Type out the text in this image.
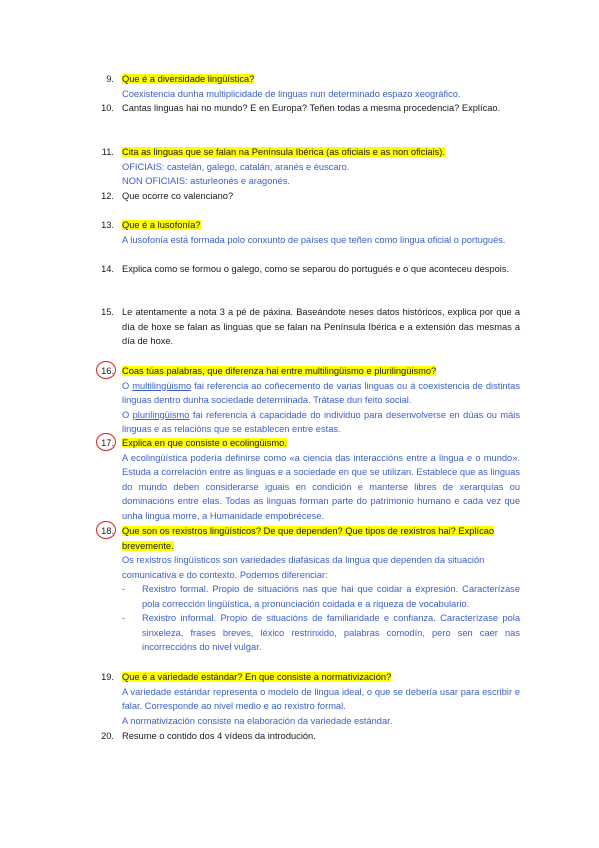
9. Que é a diversidade lingüística?

Coexistencia dunha multiplicidade de linguas nun determinado espazo xeográfico.

10. Cantas linguas hai no mundo? E en Europa? Teñen todas a mesma procedencia? Explícao.
11. Cita as linguas que se falan na Península Ibérica (as oficiais e as non oficiais).

OFICIAIS: castelán, galego, catalán, aranés e éuscaro.

NON OFICIAIS: asturleonés e aragonés.

12. Que ocorre co valenciano?
13. Que é a lusofonía?

A lusofonía está formada polo conxunto de países que teñen como lingua oficial o portugués.

14. Explica como se formou o galego, como se separou do portugués e o que aconteceu despois.
15. Le atentamente a nota 3 a pé de páxina. Baseándote neses datos históricos, explica por que a día de hoxe se falan as linguas que se falan na Península Ibérica e a extensión das mesmas a día de hoxe.
16. Coas túas palabras, que diferenza hai entre multilingüismo e plurilingüismo?

O multilingüismo fai referencia ao coñecemento de varias linguas ou á coexistencia de distintas linguas dentro dunha sociedade determinada. Trátase dun feito social.

O plurilingüismo fai referencia á capacidade do individuo para desenvolverse en dúas ou máis linguas e as relacións que se establecen entre estas.

17. Explica en que consiste o ecolingüismo.

A ecolingüística podería definirse como «a ciencia das interaccións entre a lingua e o mundo». Estuda a correlación entre as linguas e a sociedade en que se utilizan. Establece que as linguas do mundo deben considerarse iguais en condición e manterse libres de xerarquías ou dominacións entre elas. Todas as linguas forman parte do patrimonio humano e cada vez que unha lingua morre, a Humanidade empobrécese.

18. Que son os rexistros lingüísticos? De que dependen? Que tipos de rexistros hai? Explícao brevemente.

Os rexistros lingüísticos son variedades diafásicas da lingua que dependen da situación comunicativa e do contexto. Podemos diferenciar:

- Rexistro formal. Propio de situacións nas que hai que coidar a expresión. Caracterízase pola corrección lingüística, a pronunciación coidada e a riqueza de vocabulario.

- Rexistro informal. Propio de situacións de familiaridade e confianza. Caracterízase pola sinxeleza, frases breves, léxico restrinxido, palabras comodín, pero sen caer nas incorreccións do nivel vulgar.

19. Que é a variedade estándar? En que consiste a normativización?

A variedade estándar representa o modelo de lingua ideal, o que se debería usar para escribir e falar. Corresponde ao nivel medio e ao rexistro formal.

A normativización consiste na elaboración da variedade estándar.

20. Resume o contido dos 4 vídeos da introdución.
